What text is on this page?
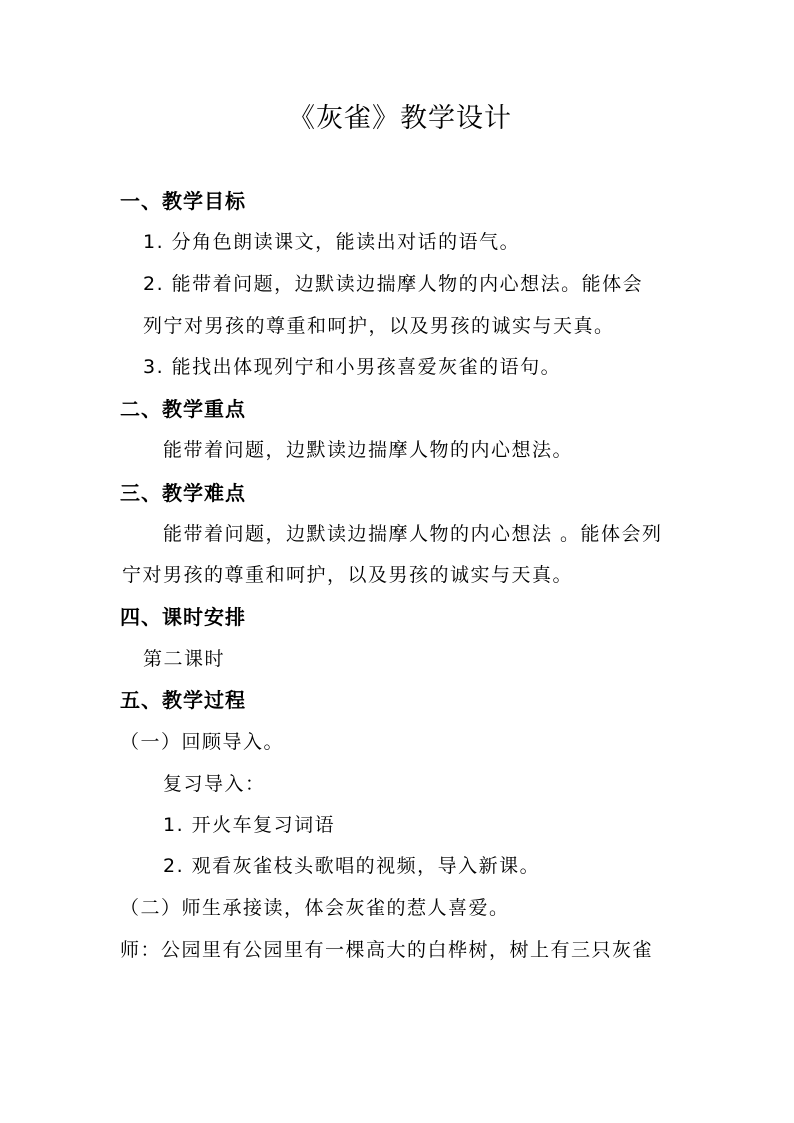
《灰雀》教学设计
一、教学目标
1. 分角色朗读课文，能读出对话的语气。
2. 能带着问题，边默读边揣摩人物的内心想法。能体会
列宁对男孩的尊重和呵护，以及男孩的诚实与天真。
3. 能找出体现列宁和小男孩喜爱灰雀的语句。
二、教学重点
能带着问题，边默读边揣摩人物的内心想法。
三、教学难点
能带着问题，边默读边揣摩人物的内心想法 。能体会列
宁对男孩的尊重和呵护，以及男孩的诚实与天真。
四、课时安排
第二课时
五、教学过程
（一）回顾导入。
复习导入：
1. 开火车复习词语
2. 观看灰雀枝头歌唱的视频，导入新课。
（二）师生承接读，体会灰雀的惹人喜爱。
师：公园里有公园里有一棵高大的白桦树，树上有三只灰雀
